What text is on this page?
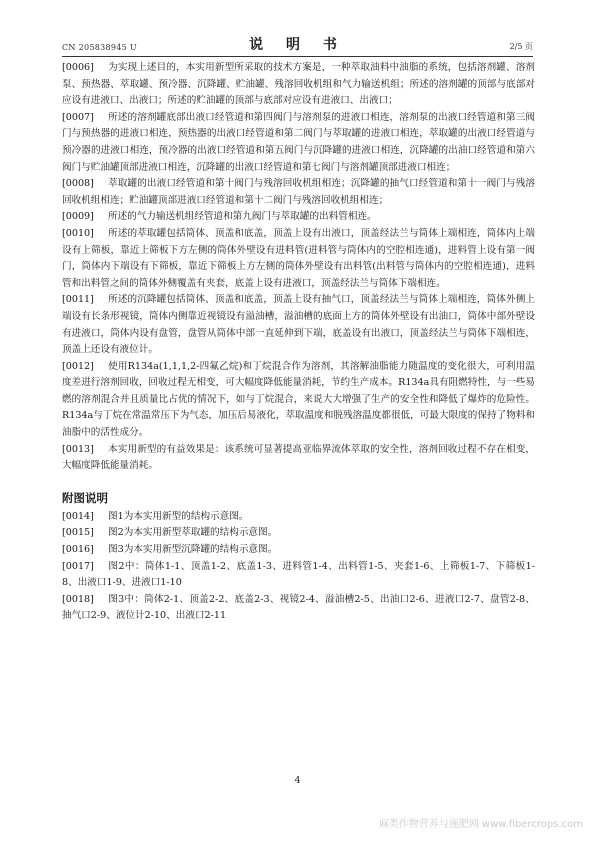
CN 205838945 U	说 明 书	2/5 页

[0006] 为实现上述目的，本实用新型所采取的技术方案是，一种萃取油料中油脂的系统，包括溶剂罐、溶剂泵、预热器、萃取罐、预冷器、沉降罐、贮油罐、残溶回收机组和气力输送机组；所述的溶剂罐的顶部与底部对应设有进液口、出液口；所述的贮油罐的顶部与底部对应设有进液口、出液口；

[0007] 所述的溶剂罐底部出液口经管道和第四阀门与溶剂泵的进液口相连，溶剂泵的出液口经管道和第三阀门与预热器的进液口相连，预热器的出液口经管道和第二阀门与萃取罐的进液口相连，萃取罐的出液口经管道与预冷器的进液口相连，预冷器的出液口经管道和第五阀门与沉降罐的进液口相连，沉降罐的出油口经管道和第六阀门与贮油罐顶部进液口相连，沉降罐的出液口经管道和第七阀门与溶剂罐顶部进液口相连；

[0008] 萃取罐的出液口经管道和第十阀门与残溶回收机组相连；沉降罐的抽气口经管道和第十一阀门与残溶回收机组相连；贮油罐顶部进液口经管道和第十二阀门与残溶回收机组相连；

[0009] 所述的气力输送机组经管道和第九阀门与萃取罐的出料管相连。

[0010] 所述的萃取罐包括筒体、顶盖和底盖，顶盖上设有出液口，顶盖经法兰与筒体上端相连，筒体内上端设有上筛板，靠近上筛板下方左侧的筒体外壁设有进料管(进料管与筒体内的空腔相连通)，进料管上设有第一阀门，筒体内下端设有下筛板，靠近下筛板上方左侧的筒体外壁设有出料管(出料管与筒体内的空腔相连通)，进料管和出料管之间的筒体外侧覆盖有夹套，底盖上设有进液口，顶盖经法兰与筒体下端相连。

[0011] 所述的沉降罐包括筒体、顶盖和底盖，顶盖上设有抽气口，顶盖经法兰与筒体上端相连，筒体外侧上端设有长条形视镜，筒体内侧靠近视镜设有溢油槽，溢油槽的底面上方的筒体外壁设有出油口，筒体中部外壁设有进液口，筒体内设有盘管，盘管从筒体中部一直延伸到下端，底盖设有出液口，顶盖经法兰与筒体下端相连，顶盖上还设有液位计。

[0012] 使用R134a(1,1,1,2-四氟乙烷)和丁烷混合作为溶剂，其溶解油脂能力随温度的变化很大，可利用温度差进行溶剂回收，回收过程无相变，可大幅度降低能量消耗，节约生产成本。R134a具有阻燃特性，与一些易燃的溶剂混合并且质量比占优的情况下，如与丁烷混合，来说大大增强了生产的安全性和降低了爆炸的危险性。R134a与丁烷在常温常压下为气态，加压后易液化，萃取温度和脱残溶温度都很低，可最大限度的保持了物料和油脂中的活性成分。

[0013] 本实用新型的有益效果是：该系统可显著提高亚临界流体萃取的安全性，溶剂回收过程不存在相变，大幅度降低能量消耗。

附图说明

[0014] 图1为本实用新型的结构示意图。

[0015] 图2为本实用新型萃取罐的结构示意图。

[0016] 图3为本实用新型沉降罐的结构示意图。

[0017] 图2中：筒体1-1、顶盖1-2、底盖1-3、进料管1-4、出料管1-5、夹套1-6、上筛板1-7、下筛板1-8、出液口1-9、进液口1-10

[0018] 图3中：筒体2-1、顶盖2-2、底盖2-3、视镜2-4、溢油槽2-5、出油口2-6、进液口2-7、盘管2-8、抽气口2-9、液位计2-10、出液口2-11

4
麻类作物营养与施肥网 www.fibercrops.com
